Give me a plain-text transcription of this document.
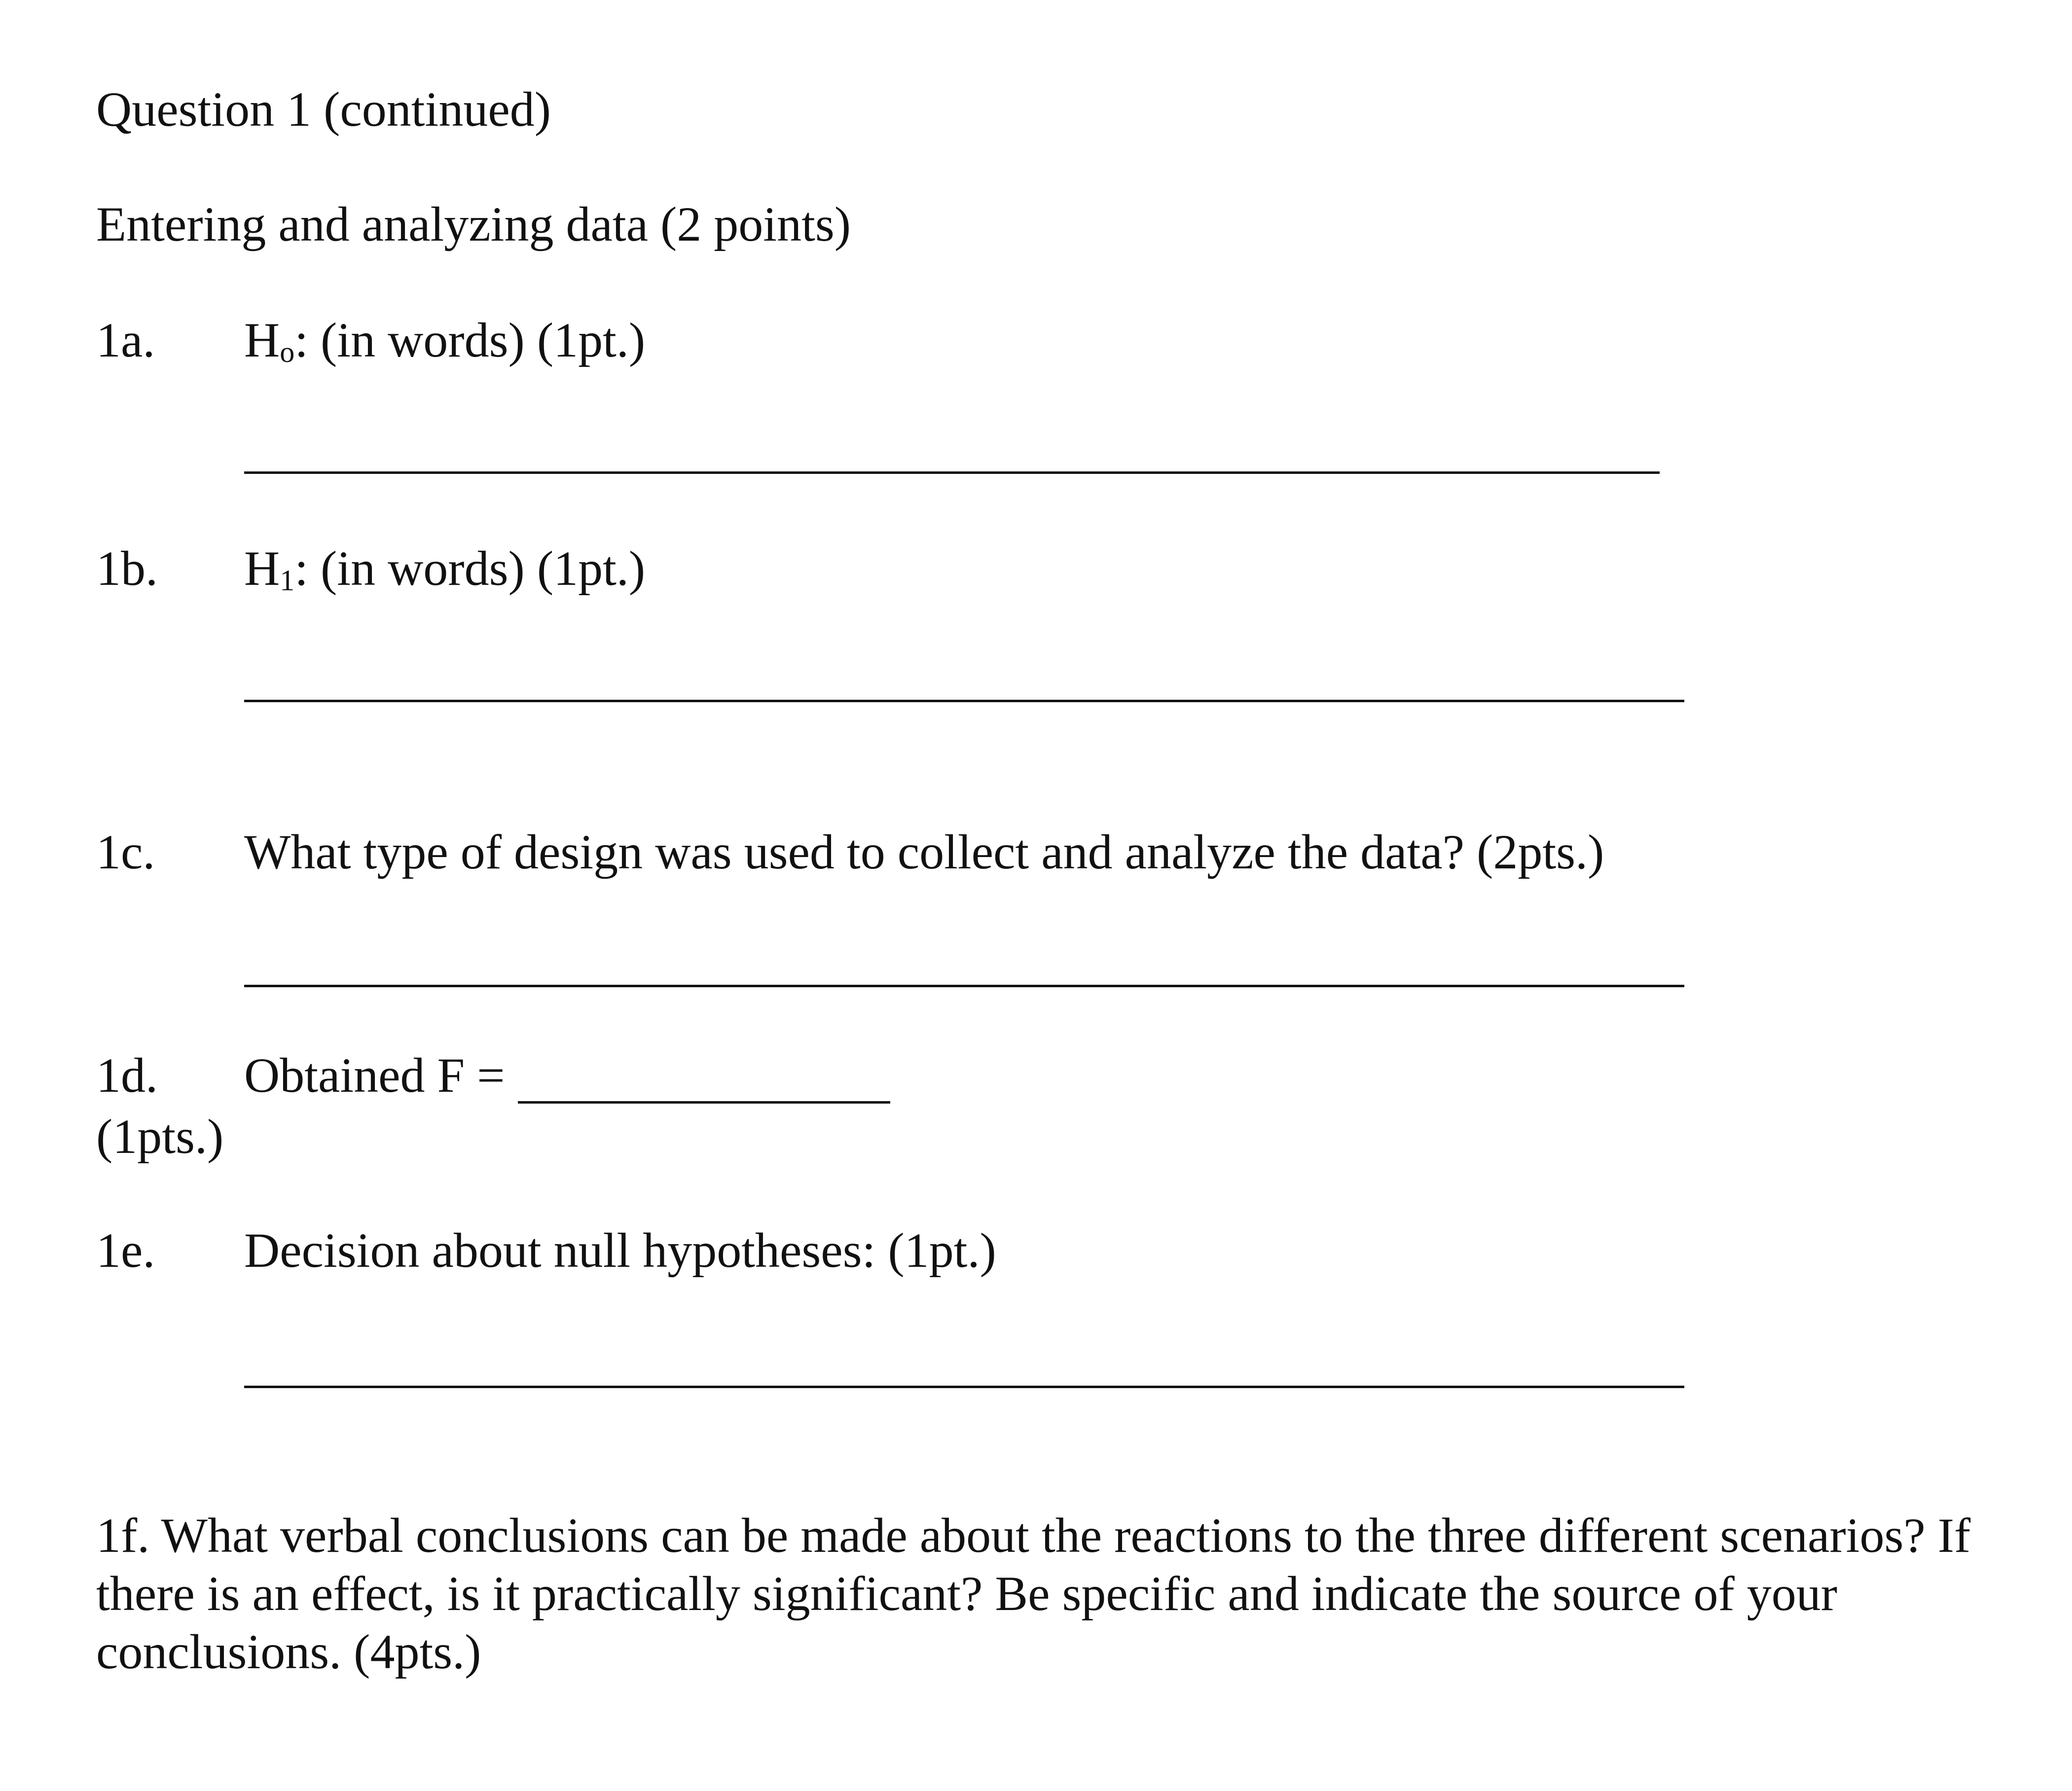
Question 1 (continued)
Entering and analyzing data (2 points)
1a. Ho: (in words) (1pt.)
1b. H1: (in words) (1pt.)
1c. What type of design was used to collect and analyze the data? (2pts.)
1d. Obtained F =
(1pts.)
1e. Decision about null hypotheses: (1pt.)
1f. What verbal conclusions can be made about the reactions to the three different scenarios? If there is an effect, is it practically significant? Be specific and indicate the source of your conclusions. (4pts.)
